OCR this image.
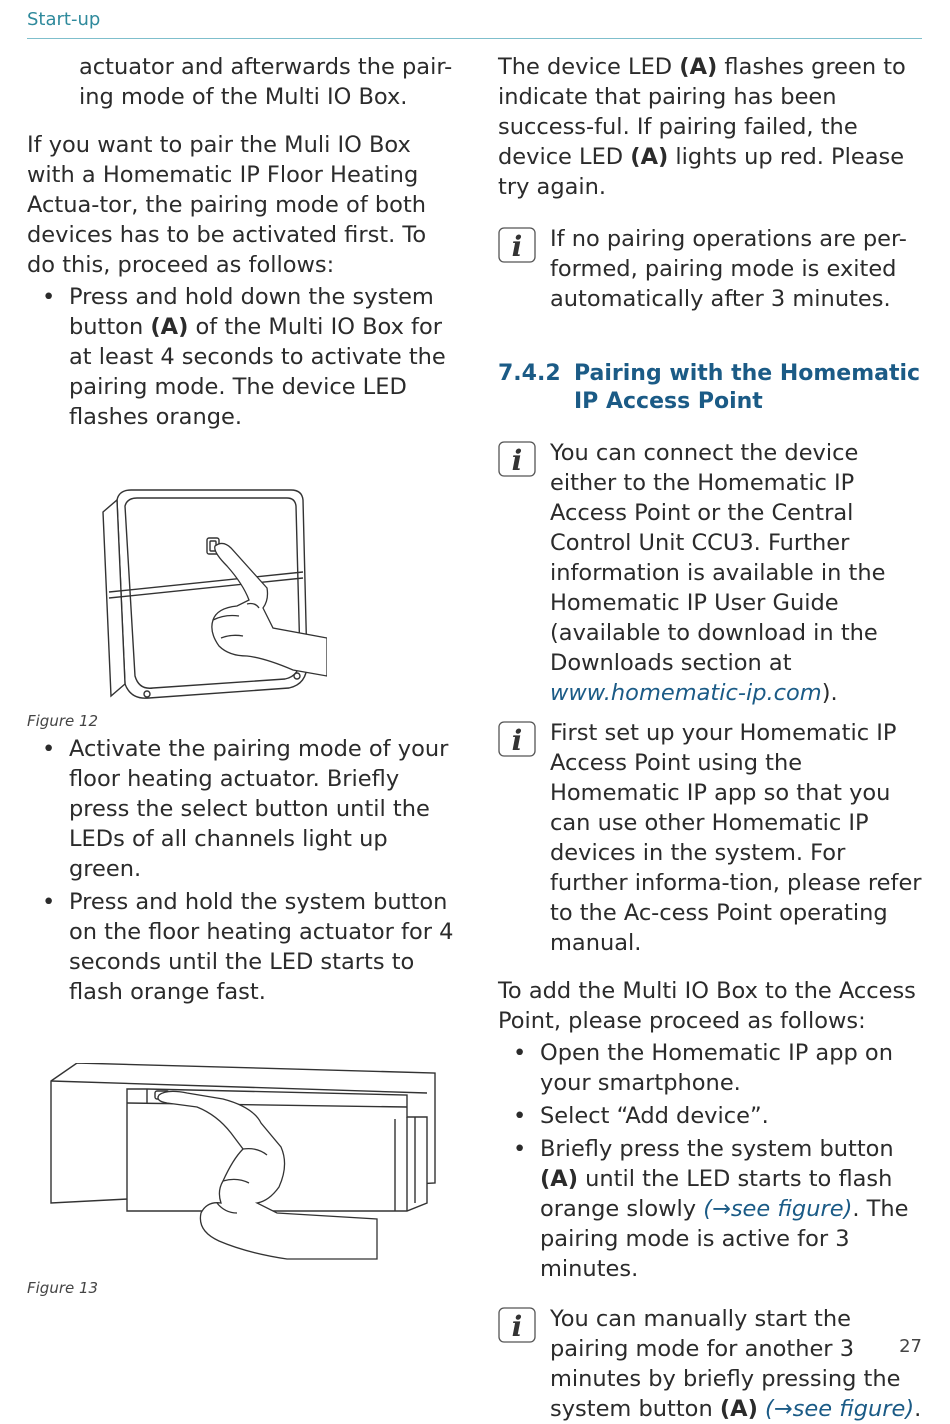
Start-up

actuator and afterwards the pair-ing mode of the Multi IO Box.

If you want to pair the Muli IO Box with a Homematic IP Floor Heating Actua-tor, the pairing mode of both devices has to be activated first. To do this, proceed as follows:

• Press and hold down the system button (A) of the Multi IO Box for at least 4 seconds to activate the pairing mode. The device LED flashes orange.
Figure 12
• Activate the pairing mode of your floor heating actuator. Briefly press the select button until the LEDs of all channels light up green.
• Press and hold the system button on the floor heating actuator for 4 seconds until the LED starts to flash orange fast.
Figure 13

The device LED (A) flashes green to indicate that pairing has been success-ful. If pairing failed, the device LED (A) lights up red. Please try again.

i If no pairing operations are per-formed, pairing mode is exited automatically after 3 minutes.

7.4.2 Pairing with the Homematic IP Access Point
i You can connect the device either to the Homematic IP Access Point or the Central Control Unit CCU3. Further information is available in the Homematic IP User Guide (available to download in the Downloads section at www.homematic-ip.com).

i First set up your Homematic IP Access Point using the Homematic IP app so that you can use other Homematic IP devices in the system. For further informa-tion, please refer to the Ac-cess Point operating manual.

To add the Multi IO Box to the Access Point, please proceed as follows:

• Open the Homematic IP app on your smartphone.
• Select “Add device”.
• Briefly press the system button (A) until the LED starts to flash orange slowly (→see figure). The pairing mode is active for 3 minutes.
i You can manually start the pairing mode for another 3 minutes by briefly pressing the system button (A) (→see figure).

27
